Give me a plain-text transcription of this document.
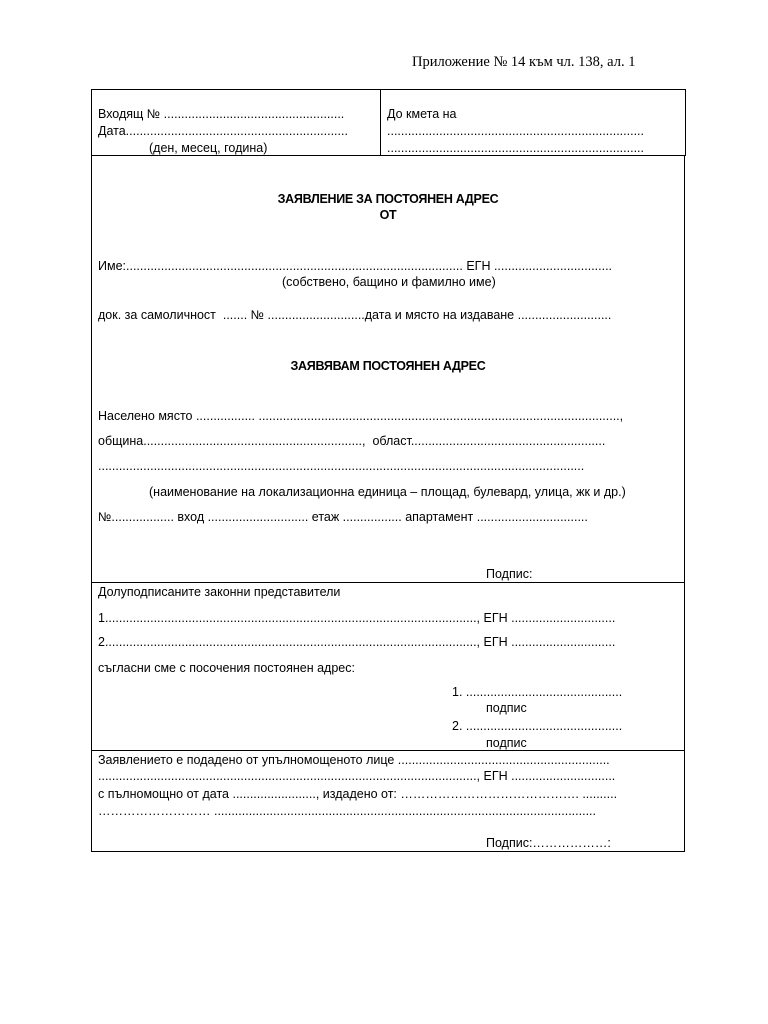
Приложение № 14 към чл. 138, ал. 1
Входящ № ....................................................
Дата................................................................
(ден, месец, година)
До кмета на
..........................................................................
..........................................................................
ЗАЯВЛЕНИЕ ЗА ПОСТОЯНЕН АДРЕС
ОТ
Име:................................................................................................. ЕГН ..................................
(собствено, бащино и фамилно име)
док. за самоличност  ....... № ............................дата и място на издаване ...........................
ЗАЯВЯВАМ ПОСТОЯНЕН АДРЕС
Населено място ................. ........................................................................................................,
община...............................................................,  област........................................................
............................................................................................................................................
(наименование на локализационна единица – площад, булевард, улица, жк и др.)
№.................. вход ............................. етаж ................. апартамент ................................
Подпис:
Долуподписаните законни представители
1..........................................................................................................., ЕГН ..............................
2..........................................................................................................., ЕГН ..............................
съгласни сме с посочения постоянен адрес:
1. .............................................
подпис
2. .............................................
подпис
Заявлението е подадено от упълномощеното лице .............................................................
............................................................................................................., ЕГН ..............................
с пълномощно от дата ........................, издадено от: ……………………………………. ..........
……………………… ..............................................................................................................
Подпис:………………:
